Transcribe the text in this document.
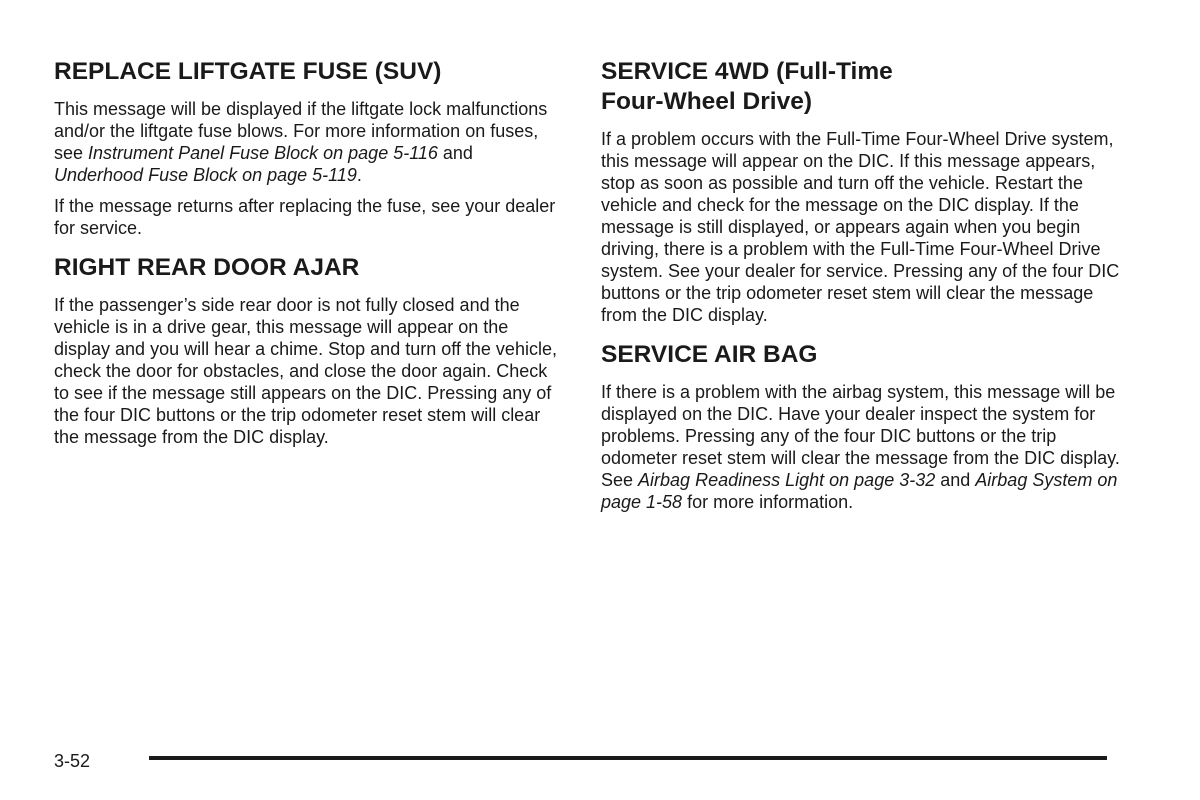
REPLACE LIFTGATE FUSE (SUV)

This message will be displayed if the liftgate lock malfunctions and/or the liftgate fuse blows. For more information on fuses, see Instrument Panel Fuse Block on page 5-116 and Underhood Fuse Block on page 5-119.

If the message returns after replacing the fuse, see your dealer for service.

RIGHT REAR DOOR AJAR

If the passenger’s side rear door is not fully closed and the vehicle is in a drive gear, this message will appear on the display and you will hear a chime. Stop and turn off the vehicle, check the door for obstacles, and close the door again. Check to see if the message still appears on the DIC. Pressing any of the four DIC buttons or the trip odometer reset stem will clear the message from the DIC display.

SERVICE 4WD (Full-Time
Four-Wheel Drive)

If a problem occurs with the Full-Time Four-Wheel Drive system, this message will appear on the DIC. If this message appears, stop as soon as possible and turn off the vehicle. Restart the vehicle and check for the message on the DIC display. If the message is still displayed, or appears again when you begin driving, there is a problem with the Full-Time Four-Wheel Drive system. See your dealer for service. Pressing any of the four DIC buttons or the trip odometer reset stem will clear the message from the DIC display.

SERVICE AIR BAG

If there is a problem with the airbag system, this message will be displayed on the DIC. Have your dealer inspect the system for problems. Pressing any of the four DIC buttons or the trip odometer reset stem will clear the message from the DIC display. See Airbag Readiness Light on page 3-32 and Airbag System on page 1-58 for more information.

3-52
